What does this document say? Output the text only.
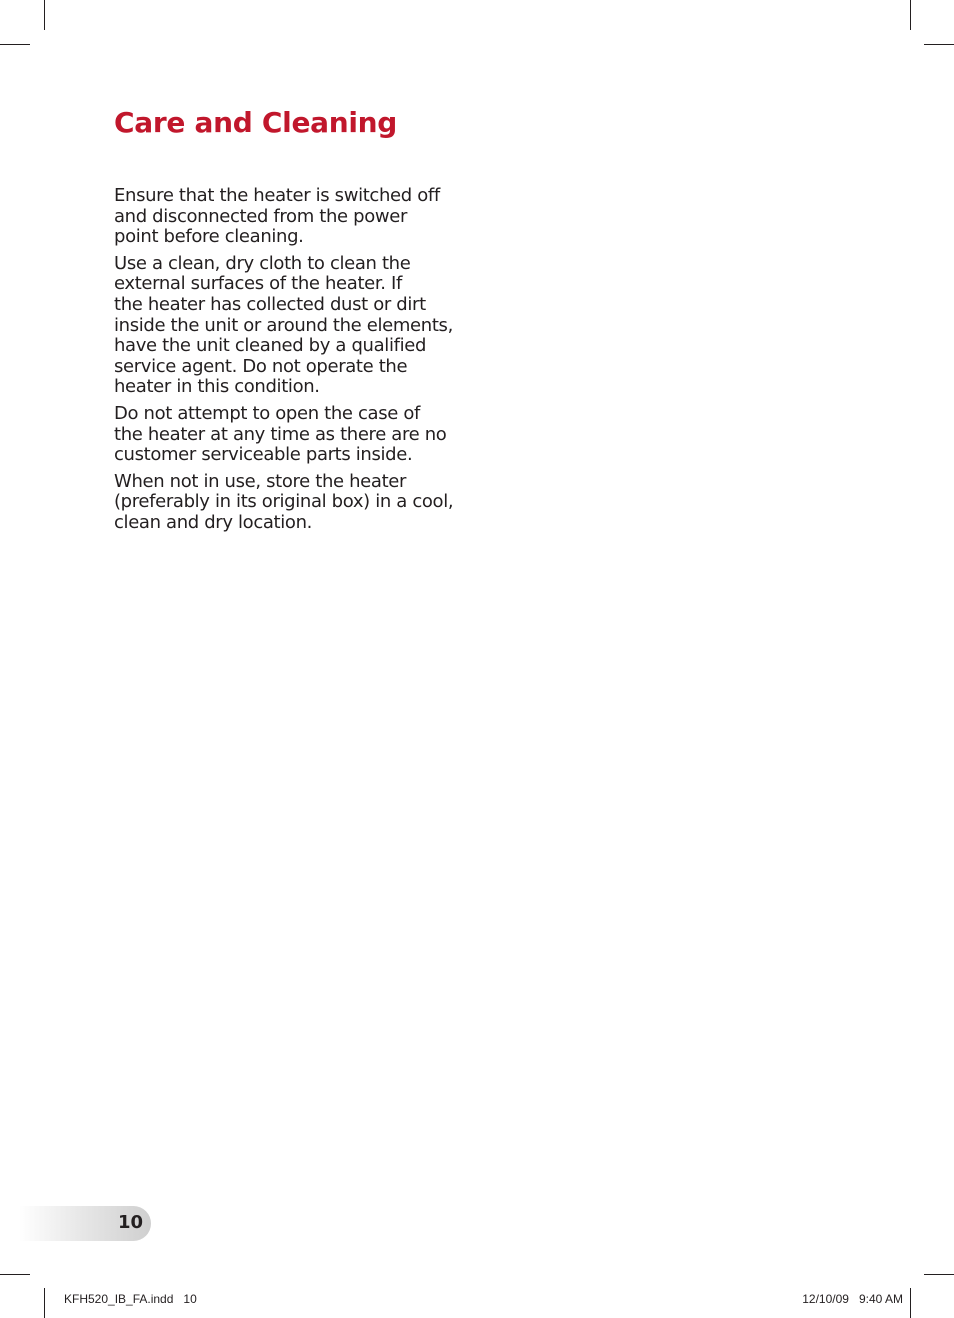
Care and Cleaning

Ensure that the heater is switched off
and disconnected from the power
point before cleaning.

Use a clean, dry cloth to clean the
external surfaces of the heater. If
the heater has collected dust or dirt
inside the unit or around the elements,
have the unit cleaned by a qualified
service agent. Do not operate the
heater in this condition.

Do not attempt to open the case of
the heater at any time as there are no
customer serviceable parts inside.

When not in use, store the heater
(preferably in its original box) in a cool,
clean and dry location.

10
KFH520_IB_FA.indd   10	12/10/09   9:40 AM
